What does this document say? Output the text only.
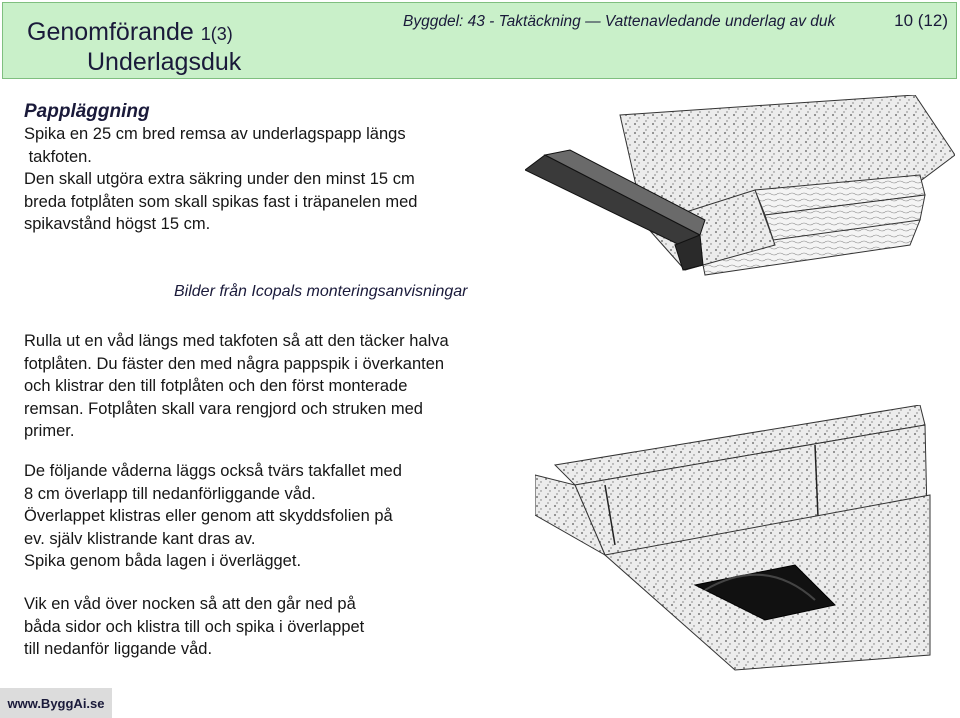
Genomförande 1(3)
Underlagsduk
Byggdel: 43 - Taktäckning — Vattenavledande underlag av duk	10 (12)
Pappläggning
Spika en 25 cm bred remsa av underlagspapp längs
takfoten.
Den skall utgöra extra säkring under den minst 15 cm
breda fotplåten som skall spikas fast i träpanelen med
spikavstånd högst 15 cm.
Bilder från Icopals monteringsanvisningar
Rulla ut en våd längs med takfoten så att den täcker halva
fotplåten. Du fäster den med några pappspik i överkanten
och klistrar den till fotplåten och den först monterade
remsan. Fotplåten skall vara rengjord och struken med
primer.
De följande våderna läggs också tvärs takfallet med
8 cm överlapp till nedanförliggande våd.
Överlappet klistras eller genom att skyddsfolien på
ev. själv klistrande kant dras av.
Spika genom båda lagen i överlägget.
Vik en våd över nocken så att den går ned på
båda sidor och klistra till och spika i överlappet
till nedanför liggande våd.
www.ByggAi.se
